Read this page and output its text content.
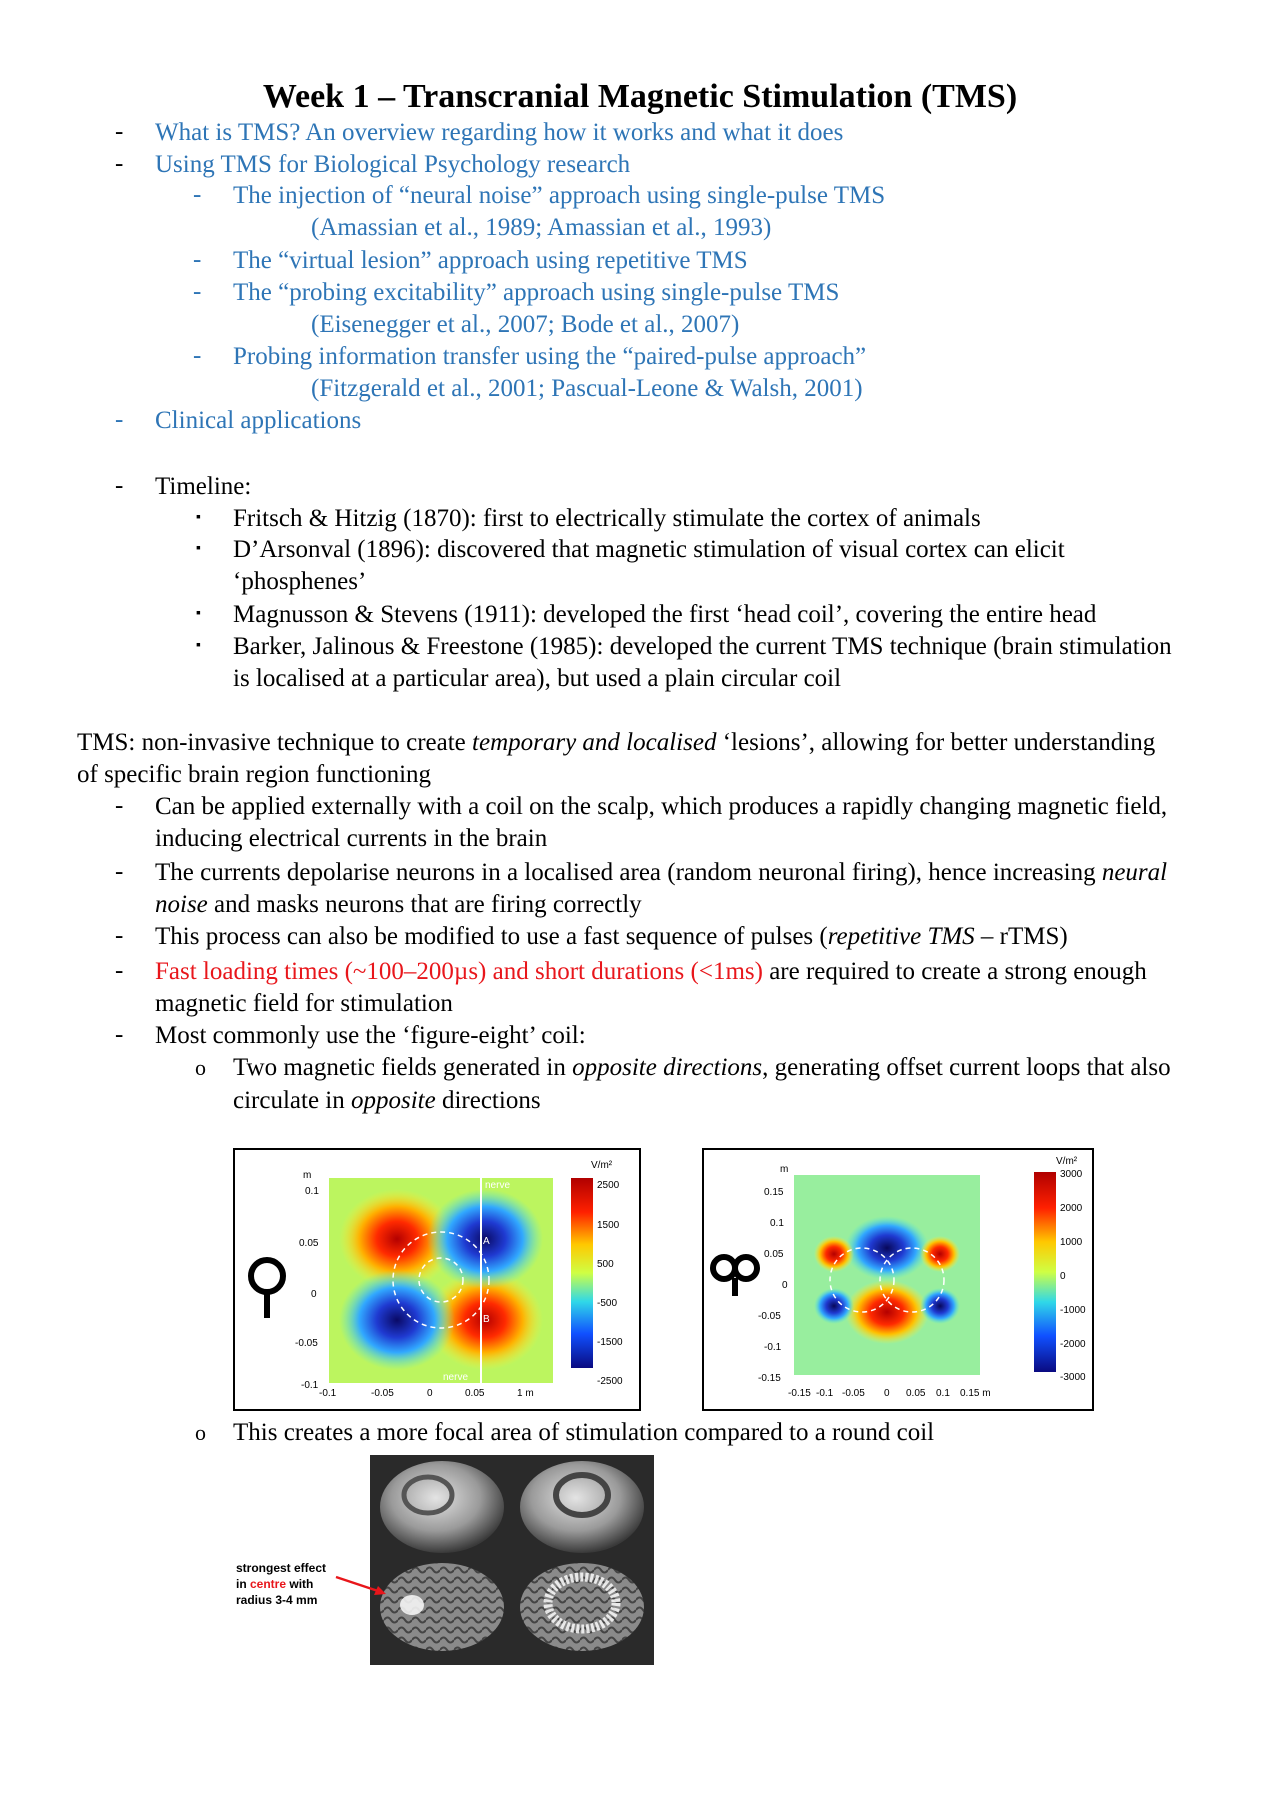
Week 1 – Transcranial Magnetic Stimulation (TMS)
- What is TMS? An overview regarding how it works and what it does
- Using TMS for Biological Psychology research
- The injection of “neural noise” approach using single-pulse TMS
(Amassian et al., 1989; Amassian et al., 1993)
- The “virtual lesion” approach using repetitive TMS
- The “probing excitability” approach using single-pulse TMS
(Eisenegger et al., 2007; Bode et al., 2007)
- Probing information transfer using the “paired-pulse approach”
(Fitzgerald et al., 2001; Pascual-Leone & Walsh, 2001)
- Clinical applications
- Timeline:
▪ Fritsch & Hitzig (1870): first to electrically stimulate the cortex of animals
▪ D’Arsonval (1896): discovered that magnetic stimulation of visual cortex can elicit
‘phosphenes’
▪ Magnusson & Stevens (1911): developed the first ‘head coil’, covering the entire head
▪ Barker, Jalinous & Freestone (1985): developed the current TMS technique (brain stimulation
is localised at a particular area), but used a plain circular coil
TMS: non-invasive technique to create temporary and localised ‘lesions’, allowing for better understanding
of specific brain region functioning
- Can be applied externally with a coil on the scalp, which produces a rapidly changing magnetic field,
inducing electrical currents in the brain
- The currents depolarise neurons in a localised area (random neuronal firing), hence increasing neural
noise and masks neurons that are firing correctly
- This process can also be modified to use a fast sequence of pulses (repetitive TMS – rTMS)
- Fast loading times (~100–200µs) and short durations (<1ms) are required to create a strong enough
magnetic field for stimulation
- Most commonly use the ‘figure-eight’ coil:
o Two magnetic fields generated in opposite directions, generating offset current loops that also
circulate in opposite directions
nerve
nerve
A
B
m
0.1
0.05
0
-0.05
-0.1
-0.1	-0.05	0	0.05	1 m
V/m²
2500
1500
500
-500
-1500
-2500
m
0.15
0.1
0.05
0
-0.05
-0.1
-0.15
-0.15 -0.1 -0.05 0 0.05 0.1 0.15 m
V/m²
3000
2000
1000
0
-1000
-2000
-3000
o This creates a more focal area of stimulation compared to a round coil
strongest effect
in centre with
radius 3-4 mm
